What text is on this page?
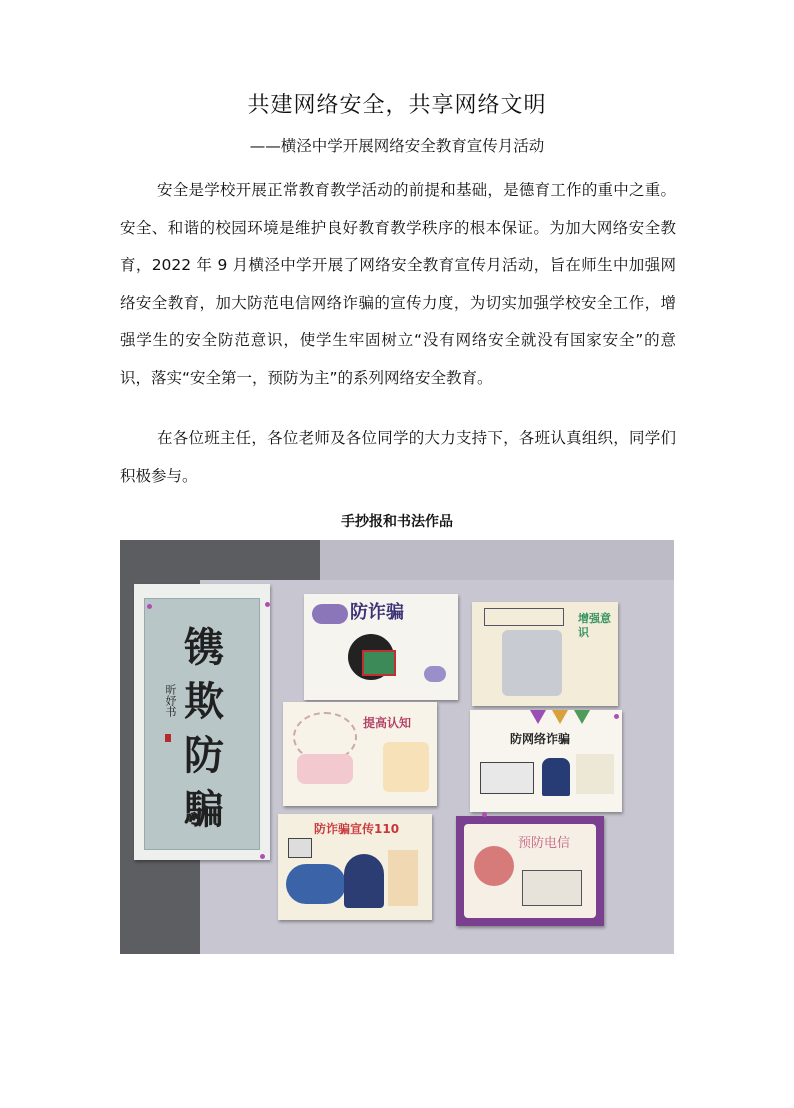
共建网络安全，共享网络文明
——横泾中学开展网络安全教育宣传月活动

安全是学校开展正常教育教学活动的前提和基础，是德育工作的重中之重。安全、和谐的校园环境是维护良好教育教学秩序的根本保证。为加大网络安全教育，2022 年 9 月横泾中学开展了网络安全教育宣传月活动，旨在师生中加强网络安全教育，加大防范电信网络诈骗的宣传力度，为切实加强学校安全工作，增强学生的安全防范意识，使学生牢固树立“没有网络安全就没有国家安全”的意识，落实“安全第一，预防为主”的系列网络安全教育。

在各位班主任，各位老师及各位同学的大力支持下，各班认真组织，同学们积极参与。

手抄报和书法作品
镌
欺
防
騙
昕妤书
防诈骗	增强意识
提高认知
防网络诈骗
防诈骗宣传110
预防电信
